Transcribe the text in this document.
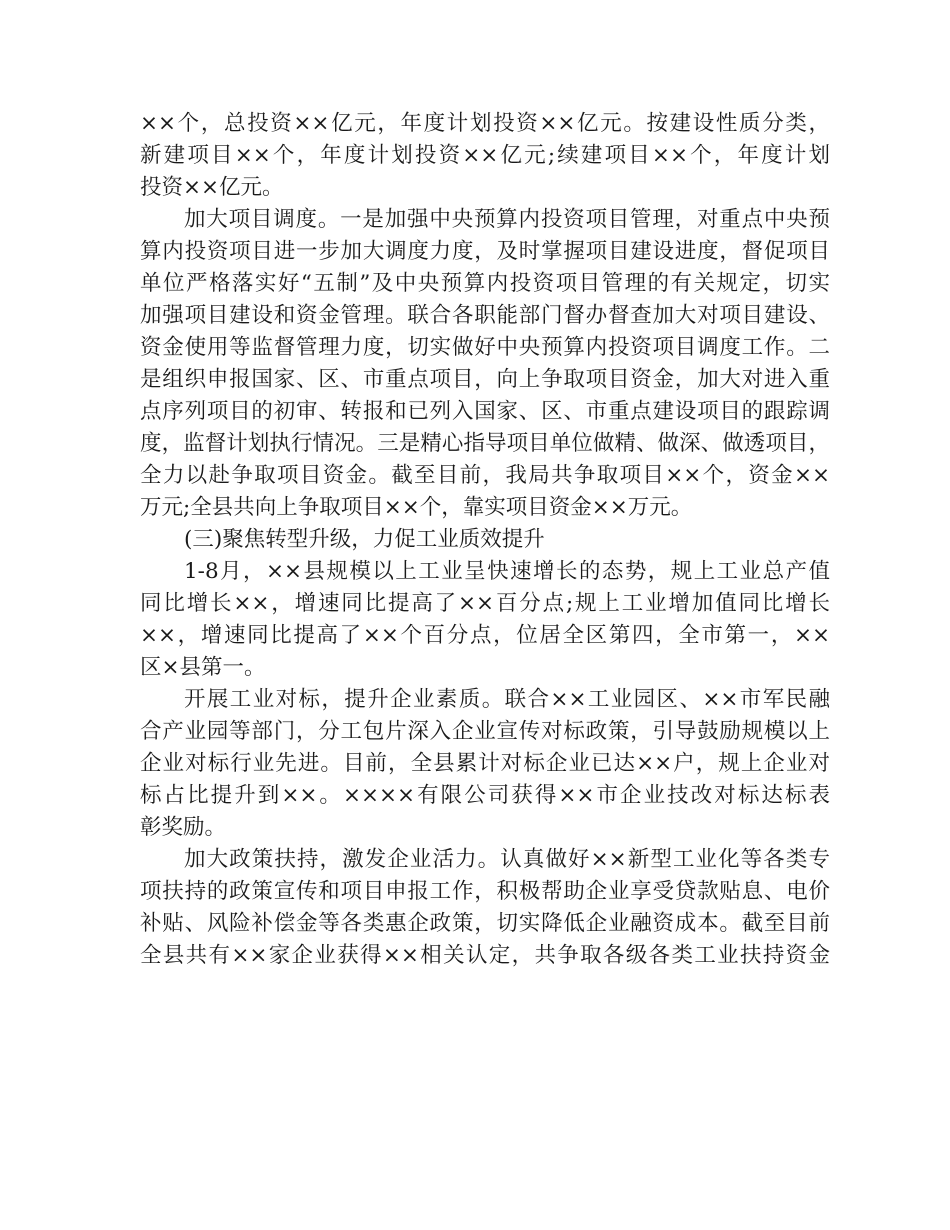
××个，总投资××亿元，年度计划投资××亿元。按建设性质分类，
新建项目××个，年度计划投资××亿元;续建项目××个，年度计划
投资××亿元。

加大项目调度。一是加强中央预算内投资项目管理，对重点中央预
算内投资项目进一步加大调度力度，及时掌握项目建设进度，督促项目
单位严格落实好“五制”及中央预算内投资项目管理的有关规定，切实
加强项目建设和资金管理。联合各职能部门督办督查加大对项目建设、
资金使用等监督管理力度，切实做好中央预算内投资项目调度工作。二
是组织申报国家、区、市重点项目，向上争取项目资金，加大对进入重
点序列项目的初审、转报和已列入国家、区、市重点建设项目的跟踪调
度，监督计划执行情况。三是精心指导项目单位做精、做深、做透项目，
全力以赴争取项目资金。截至目前，我局共争取项目××个，资金××
万元;全县共向上争取项目××个，靠实项目资金××万元。

(三)聚焦转型升级，力促工业质效提升

1-8月，××县规模以上工业呈快速增长的态势，规上工业总产值
同比增长××，增速同比提高了××百分点;规上工业增加值同比增长
××，增速同比提高了××个百分点，位居全区第四，全市第一，××
区×县第一。

开展工业对标，提升企业素质。联合××工业园区、××市军民融
合产业园等部门，分工包片深入企业宣传对标政策，引导鼓励规模以上
企业对标行业先进。目前，全县累计对标企业已达××户，规上企业对
标占比提升到××。××××有限公司获得××市企业技改对标达标表
彰奖励。

加大政策扶持，激发企业活力。认真做好××新型工业化等各类专
项扶持的政策宣传和项目申报工作，积极帮助企业享受贷款贴息、电价
补贴、风险补偿金等各类惠企政策，切实降低企业融资成本。截至目前
全县共有××家企业获得××相关认定，共争取各级各类工业扶持资金
